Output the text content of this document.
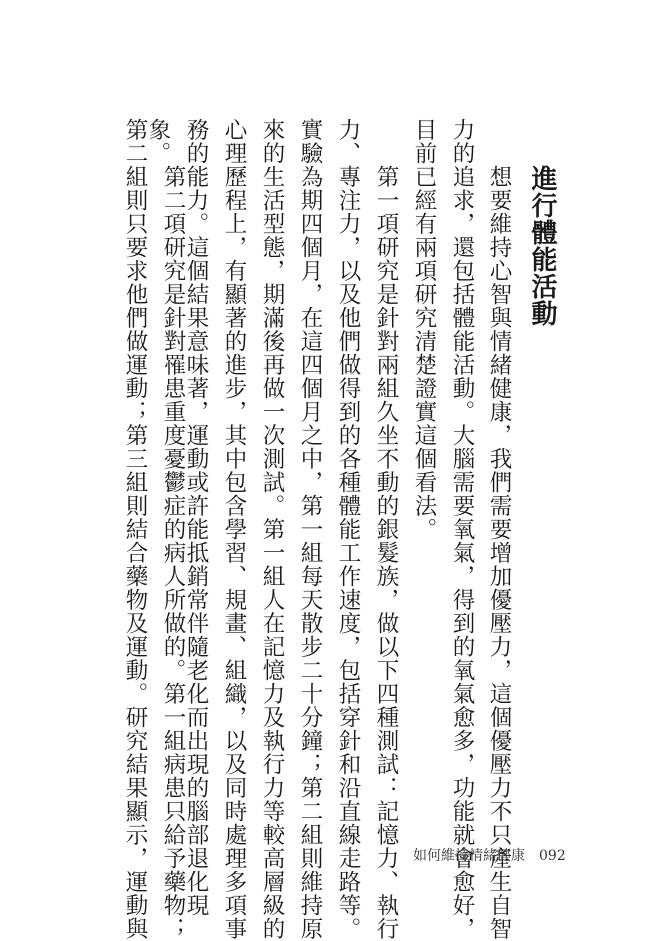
進行體能活動
想要維持心智與情緒健康，我們需要增加優壓力，這個優壓力不只產生自智
力的追求，還包括體能活動。大腦需要氧氣，得到的氧氣愈多，功能就會愈好，
目前已經有兩項研究清楚證實這個看法。
第一項研究是針對兩組久坐不動的銀髮族，做以下四種測試：記憶力、執行
力、專注力，以及他們做得到的各種體能工作速度，包括穿針和沿直線走路等。
實驗為期四個月，在這四個月之中，第一組每天散步二十分鐘；第二組則維持原
來的生活型態，期滿後再做一次測試。第一組人在記憶力及執行力等較高層級的
心理歷程上，有顯著的進步，其中包含學習、規畫、組織，以及同時處理多項事
務的能力。這個結果意味著，運動或許能抵銷常伴隨老化而出現的腦部退化現
象。
第二項研究是針對罹患重度憂鬱症的病人所做的。第一組病患只給予藥物；
第二組則只要求他們做運動；第三組則結合藥物及運動。研究結果顯示，運動與	如何維持情緒健康 092
